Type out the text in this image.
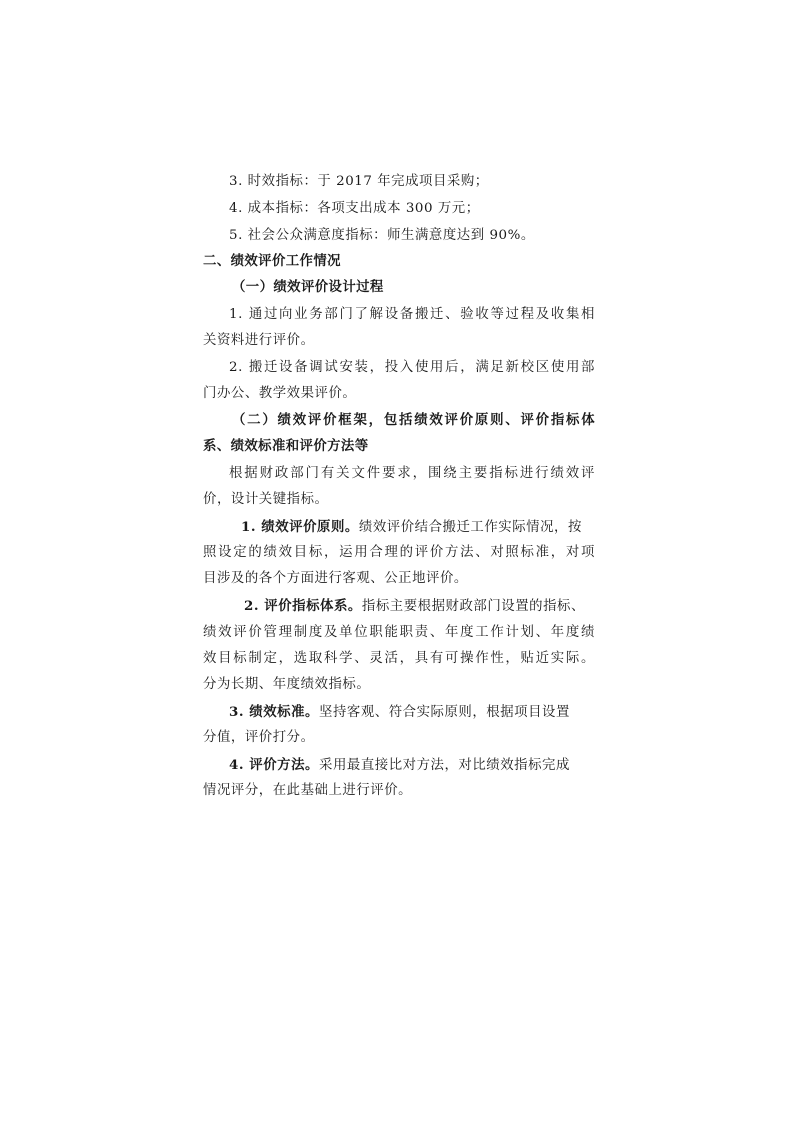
3. 时效指标：于 2017 年完成项目采购；
4. 成本指标：各项支出成本 300 万元；
5. 社会公众满意度指标：师生满意度达到 90%。
二、绩效评价工作情况
（一）绩效评价设计过程
1. 通过向业务部门了解设备搬迁、验收等过程及收集相
关资料进行评价。
2. 搬迁设备调试安装，投入使用后，满足新校区使用部
门办公、教学效果评价。
（二）绩效评价框架，包括绩效评价原则、评价指标体
系、绩效标准和评价方法等
根据财政部门有关文件要求，围绕主要指标进行绩效评
价，设计关键指标。
1. 绩效评价原则。绩效评价结合搬迁工作实际情况，按
照设定的绩效目标，运用合理的评价方法、对照标准，对项
目涉及的各个方面进行客观、公正地评价。
2. 评价指标体系。指标主要根据财政部门设置的指标、
绩效评价管理制度及单位职能职责、年度工作计划、年度绩
效目标制定，选取科学、灵活，具有可操作性，贴近实际。
分为长期、年度绩效指标。
3. 绩效标准。坚持客观、符合实际原则，根据项目设置
分值，评价打分。
4. 评价方法。采用最直接比对方法，对比绩效指标完成
情况评分，在此基础上进行评价。
